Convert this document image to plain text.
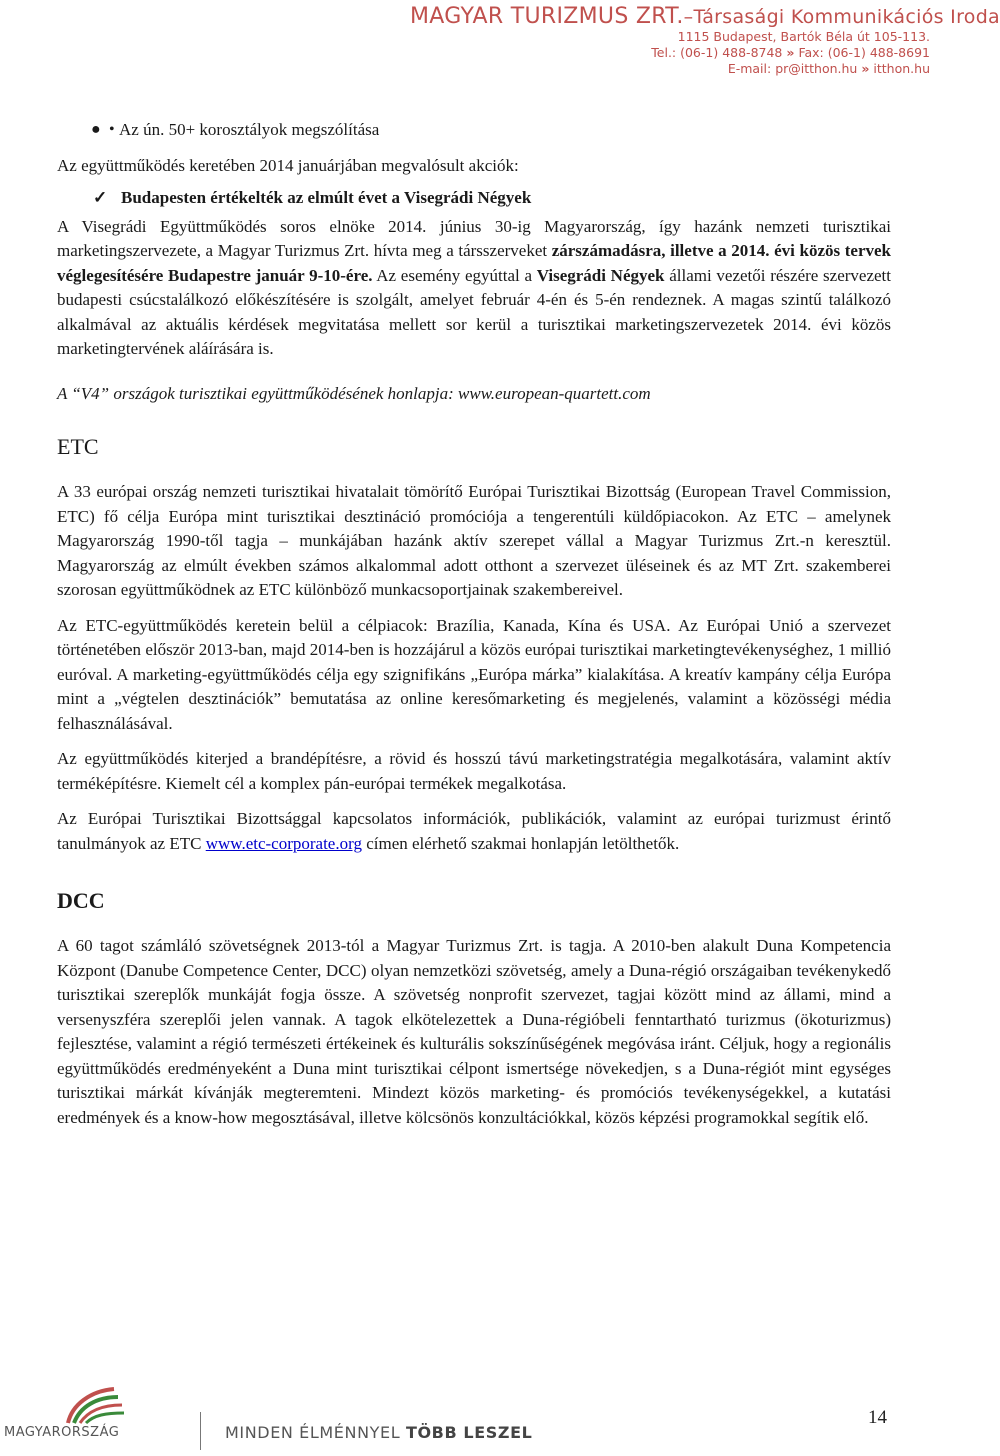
MAGYAR TURIZMUS ZRT.–Társasági Kommunikációs Iroda
1115 Budapest, Bartók Béla út 105-113.
Tel.: (06-1) 488-8748 » Fax: (06-1) 488-8691
E-mail: pr@itthon.hu » itthon.hu

● • Az ún. 50+ korosztályok megszólítása

Az együttműködés keretében 2014 januárjában megvalósult akciók:

✓ Budapesten értékelték az elmúlt évet a Visegrádi Négyek

A Visegrádi Együttműködés soros elnöke 2014. június 30-ig Magyarország, így hazánk nemzeti turisztikai marketingszervezete, a Magyar Turizmus Zrt. hívta meg a társszerveket zárszámadásra, illetve a 2014. évi közös tervek véglegesítésére Budapestre január 9-10-ére. Az esemény egyúttal a Visegrádi Négyek állami vezetői részére szervezett budapesti csúcstalálkozó előkészítésére is szolgált, amelyet február 4-én és 5-én rendeznek. A magas szintű találkozó alkalmával az aktuális kérdések megvitatása mellett sor kerül a turisztikai marketingszervezetek 2014. évi közös marketingtervének aláírására is.

A “V4” országok turisztikai együttműködésének honlapja: www.european-quartett.com

ETC

A 33 európai ország nemzeti turisztikai hivatalait tömörítő Európai Turisztikai Bizottság (European Travel Commission, ETC) fő célja Európa mint turisztikai desztináció promóciója a tengerentúli küldőpiacokon. Az ETC – amelynek Magyarország 1990-től tagja – munkájában hazánk aktív szerepet vállal a Magyar Turizmus Zrt.-n keresztül. Magyarország az elmúlt években számos alkalommal adott otthont a szervezet üléseinek és az MT Zrt. szakemberei szorosan együttműködnek az ETC különböző munkacsoportjainak szakembereivel.

Az ETC-együttműködés keretein belül a célpiacok: Brazília, Kanada, Kína és USA. Az Európai Unió a szervezet történetében először 2013-ban, majd 2014-ben is hozzájárul a közös európai turisztikai marketingtevékenységhez, 1 millió euróval. A marketing-együttműködés célja egy szignifikáns „Európa márka” kialakítása. A kreatív kampány célja Európa mint a „végtelen desztinációk” bemutatása az online keresőmarketing és megjelenés, valamint a közösségi média felhasználásával.

Az együttműködés kiterjed a brandépítésre, a rövid és hosszú távú marketingstratégia megalkotására, valamint aktív terméképítésre. Kiemelt cél a komplex pán-európai termékek megalkotása.

Az Európai Turisztikai Bizottsággal kapcsolatos információk, publikációk, valamint az európai turizmust érintő tanulmányok az ETC www.etc-corporate.org címen elérhető szakmai honlapján letölthetők.

DCC

A 60 tagot számláló szövetségnek 2013-tól a Magyar Turizmus Zrt. is tagja. A 2010-ben alakult Duna Kompetencia Központ (Danube Competence Center, DCC) olyan nemzetközi szövetség, amely a Duna-régió országaiban tevékenykedő turisztikai szereplők munkáját fogja össze. A szövetség nonprofit szervezet, tagjai között mind az állami, mind a versenyszféra szereplői jelen vannak. A tagok elkötelezettek a Duna-régióbeli fenntartható turizmus (ökoturizmus) fejlesztése, valamint a régió természeti értékeinek és kulturális sokszínűségének megóvása iránt. Céljuk, hogy a regionális együttműködés eredményeként a Duna mint turisztikai célpont ismertsége növekedjen, s a Duna-régiót mint egységes turisztikai márkát kívánják megteremteni. Mindezt közös marketing- és promóciós tevékenységekkel, a kutatási eredmények és a know-how megosztásával, illetve kölcsönös konzultációkkal, közös képzési programokkal segítik elő.

MAGYARORSZÁG	MINDEN ÉLMÉNNYEL TÖBB LESZEL
14
